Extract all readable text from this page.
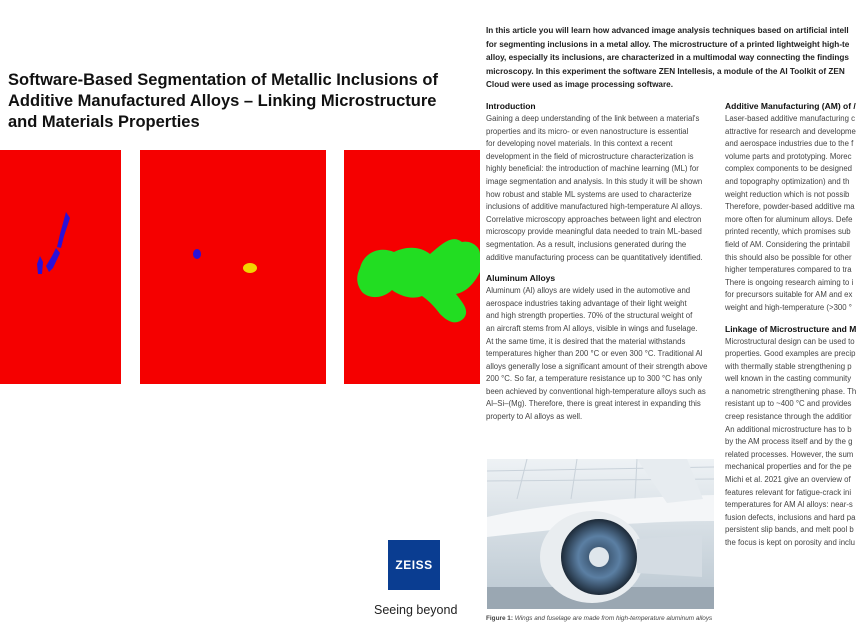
Software-Based Segmentation of Metallic Inclusions of Additive Manufactured Alloys – Linking Microstructure and Materials Properties
ZEISS
Seeing beyond
In this article you will learn how advanced image analysis techniques based on artificial intell
for segmenting inclusions in a metal alloy. The microstructure of a printed lightweight high-te
alloy, especially its inclusions, are characterized in a multimodal way connecting the findings
microscopy. In this experiment the software ZEN Intellesis, a module of the AI Toolkit of ZEN
Cloud were used as image processing software.
Introduction
Gaining a deep understanding of the link between a material's
properties and its micro- or even nanostructure is essential
for developing novel materials. In this context a recent
development in the field of microstructure characterization is
highly beneficial: the introduction of machine learning (ML) for
image segmentation and analysis. In this study it will be shown
how robust and stable ML systems are used to characterize
inclusions of additive manufactured high-temperature Al alloys.
Correlative microscopy approaches between light and electron
microscopy provide meaningful data needed to train ML-based
segmentation. As a result, inclusions generated during the
additive manufacturing process can be quantitatively identified.
Aluminum Alloys
Aluminum (Al) alloys are widely used in the automotive and
aerospace industries taking advantage of their light weight
and high strength properties. 70% of the structural weight of
an aircraft stems from Al alloys, visible in wings and fuselage.
At the same time, it is desired that the material withstands
temperatures higher than 200 °C or even 300 °C. Traditional Al
alloys generally lose a significant amount of their strength above
200 °C. So far, a temperature resistance up to 300 °C has only
been achieved by conventional high-temperature alloys such as
Al–Si–(Mg). Therefore, there is great interest in expanding this
property to Al alloys as well.
Additive Manufacturing (AM) of /
Laser-based additive manufacturing c
attractive for research and developme
and aerospace industries due to the f
volume parts and prototyping. Morec
complex components to be designed
and topography optimization) and th
weight reduction which is not possib
Therefore, powder-based additive ma
more often for aluminum alloys. Defe
printed recently, which promises sub
field of AM. Considering the printabil
this should also be possible for other
higher temperatures compared to tra
There is ongoing research aiming to i
for precursors suitable for AM and ex
weight and high-temperature (>300 °
Linkage of Microstructure and M
Microstructural design can be used to
properties. Good examples are precip
with thermally stable strengthening p
well known in the casting community
a nanometric strengthening phase. Th
resistant up to ~400 °C and provides
creep resistance through the additior
An additional microstructure has to b
by the AM process itself and by the g
related processes. However, the sum
mechanical properties and for the pe
Michi et al. 2021 give an overview of
features relevant for fatigue-crack ini
temperatures for AM Al alloys: near-s
fusion defects, inclusions and hard pa
persistent slip bands, and melt pool b
the focus is kept on porosity and inclu
Figure 1: Wings and fuselage are made from high-temperature aluminum alloys
